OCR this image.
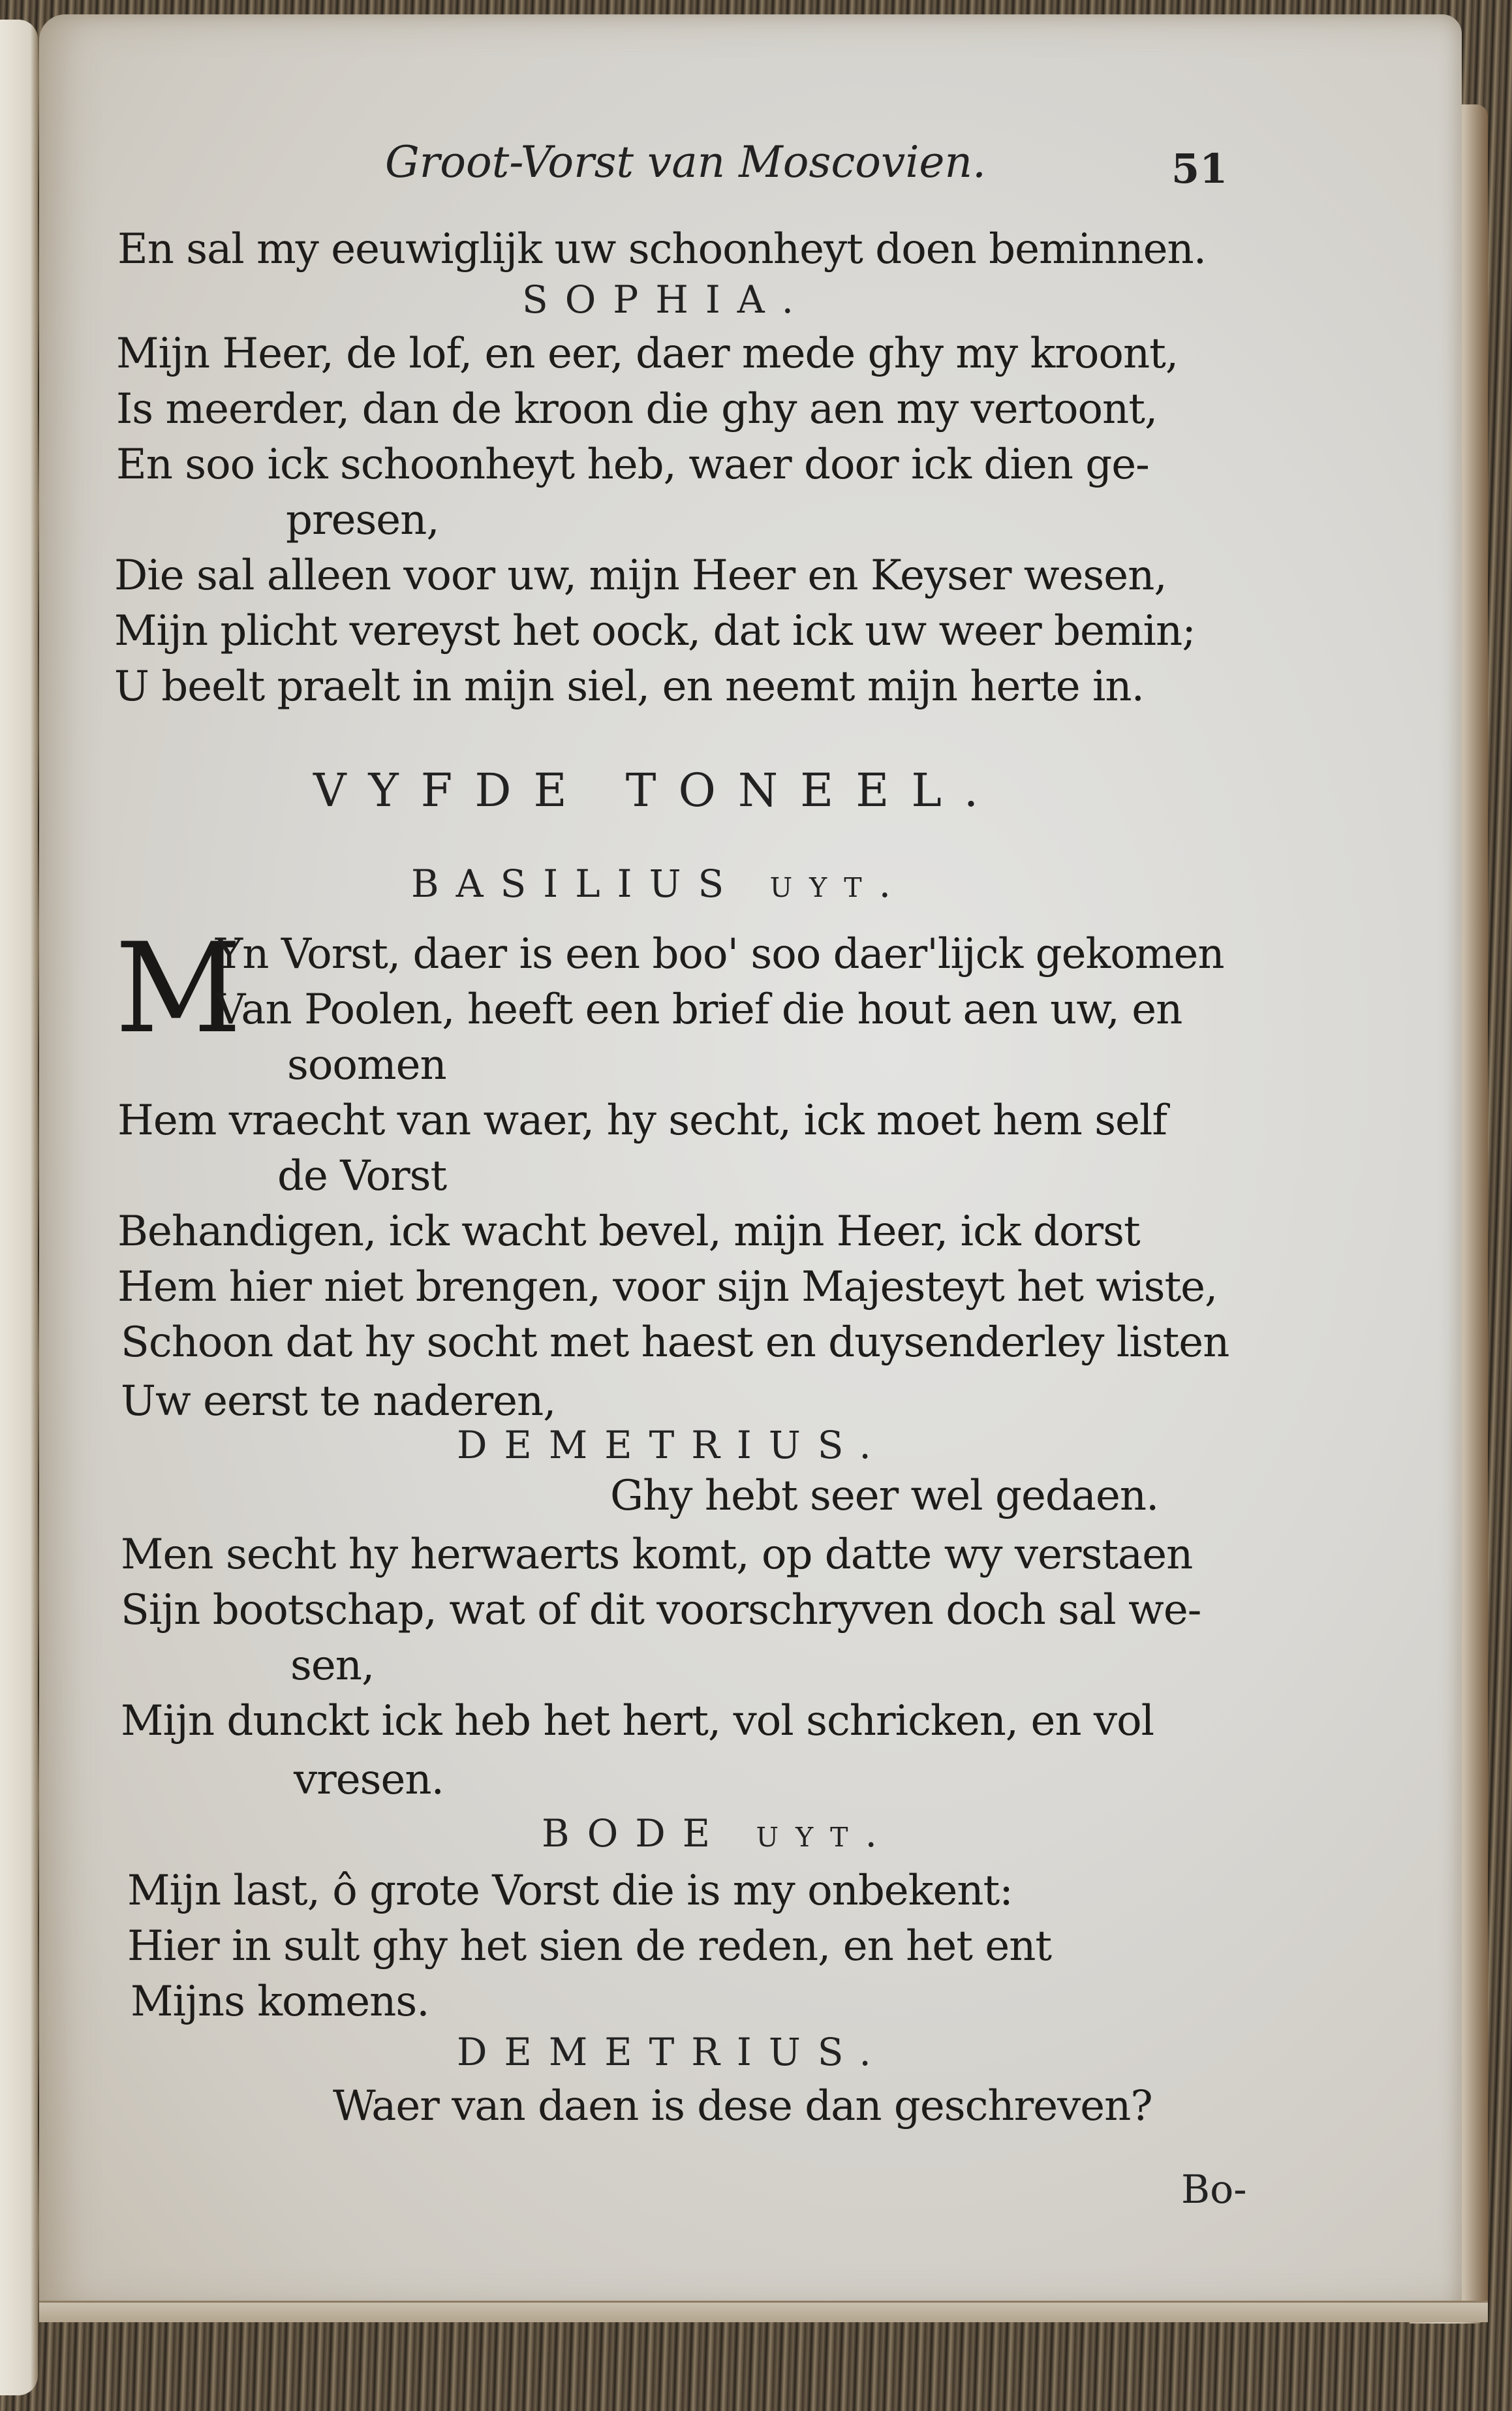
Groot-Vorst van Moscovien.	51
En sal my eeuwiglijk uw schoonheyt doen beminnen.
SOPHIA.
Mijn Heer, de lof, en eer, daer mede ghy my kroont,
Is meerder, dan de kroon die ghy aen my vertoont,
En soo ick schoonheyt heb, waer door ick dien ge-
presen,
Die sal alleen voor uw, mijn Heer en Keyser wesen,
Mijn plicht vereyst het oock, dat ick uw weer bemin;
U beelt praelt in mijn siel, en neemt mijn herte in.
VYFDE TONEEL.
BASILIUS uyt.
M
Yn Vorst, daer is een boo' soo daer'lijck gekomen
Van Poolen, heeft een brief die hout aen uw, en
soomen
Hem vraecht van waer, hy secht, ick moet hem self
de Vorst
Behandigen, ick wacht bevel, mijn Heer, ick dorst
Hem hier niet brengen, voor sijn Majesteyt het wiste,
Schoon dat hy socht met haest en duysenderley listen
Uw eerst te naderen,
DEMETRIUS.
Ghy hebt seer wel gedaen.
Men secht hy herwaerts komt, op datte wy verstaen
Sijn bootschap, wat of dit voorschryven doch sal we-
sen,
Mijn dunckt ick heb het hert, vol schricken, en vol
vresen.
BODE uyt.
Mijn last, ô grote Vorst die is my onbekent:
Hier in sult ghy het sien de reden, en het ent
Mijns komens.
DEMETRIUS.
Waer van daen is dese dan geschreven?
Bo-
